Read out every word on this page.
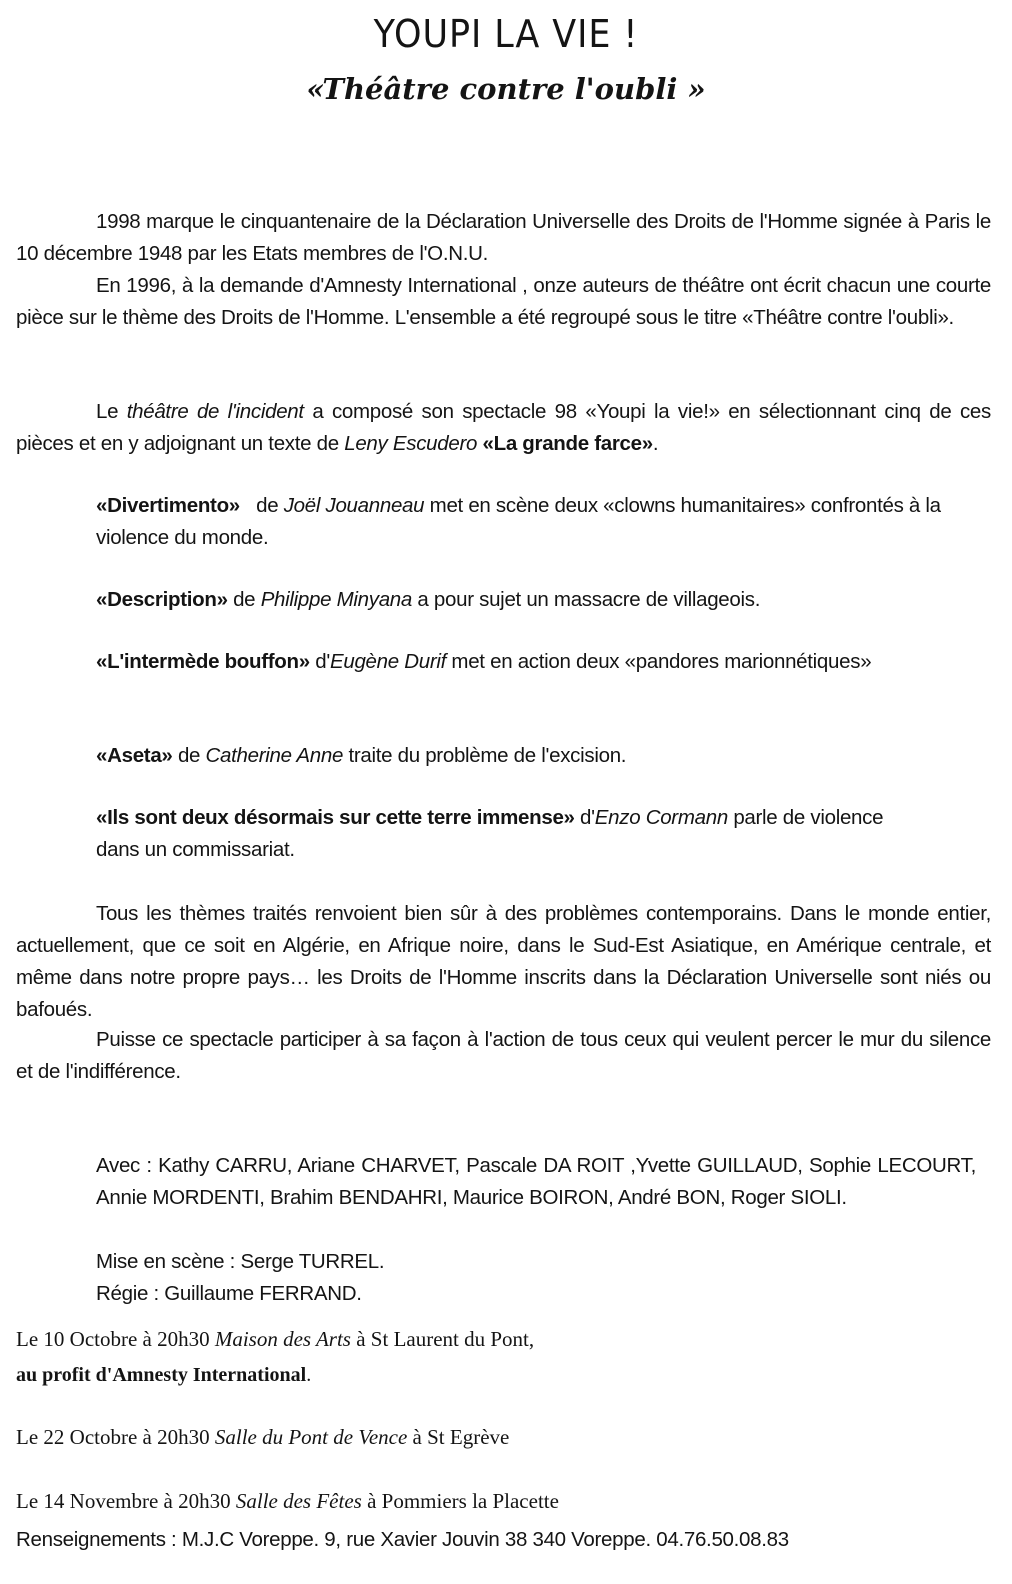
YOUPI LA VIE !
«Théâtre contre l'oubli »

1998 marque le cinquantenaire de la Déclaration Universelle des Droits de l'Homme signée à Paris le 10 décembre 1948 par les Etats membres de l'O.N.U.

En 1996, à la demande d'Amnesty International , onze auteurs de théâtre ont écrit chacun une courte pièce sur le thème des Droits de l'Homme. L'ensemble a été regroupé sous le titre «Théâtre contre l'oubli».

Le théâtre de l'incident a composé son spectacle 98 «Youpi la vie!» en sélectionnant cinq de ces pièces et en y adjoignant un texte de Leny Escudero «La grande farce».

«Divertimento»   de Joël Jouanneau met en scène deux «clowns humanitaires» confrontés à la violence du monde.

«Description» de Philippe Minyana a pour sujet un massacre de villageois.

«L'intermède bouffon» d'Eugène Durif met en action deux «pandores marionnétiques»

«Aseta» de Catherine Anne traite du problème de l'excision.

«Ils sont deux désormais sur cette terre immense» d'Enzo Cormann parle de violence dans un commissariat.

Tous les thèmes traités renvoient bien sûr à des problèmes contemporains. Dans le monde entier, actuellement, que ce soit en Algérie, en Afrique noire, dans le Sud-Est Asiatique, en Amérique centrale, et même dans notre propre pays… les Droits de l'Homme inscrits dans la Déclaration Universelle sont niés ou bafoués.

Puisse ce spectacle participer à sa façon à l'action de tous ceux qui veulent percer le mur du silence et de l'indifférence.

Avec : Kathy CARRU, Ariane CHARVET, Pascale DA ROIT ,Yvette GUILLAUD, Sophie LECOURT, Annie MORDENTI, Brahim BENDAHRI, Maurice BOIRON, André BON, Roger SIOLI.

Mise en scène : Serge TURREL.

Régie : Guillaume FERRAND.

Le 10 Octobre à 20h30 Maison des Arts à St Laurent du Pont,
au profit d'Amnesty International.
Le 22 Octobre à 20h30 Salle du Pont de Vence à St Egrève
Le 14 Novembre à 20h30 Salle des Fêtes à Pommiers la Placette
Renseignements : M.J.C Voreppe. 9, rue Xavier Jouvin 38 340 Voreppe. 04.76.50.08.83
